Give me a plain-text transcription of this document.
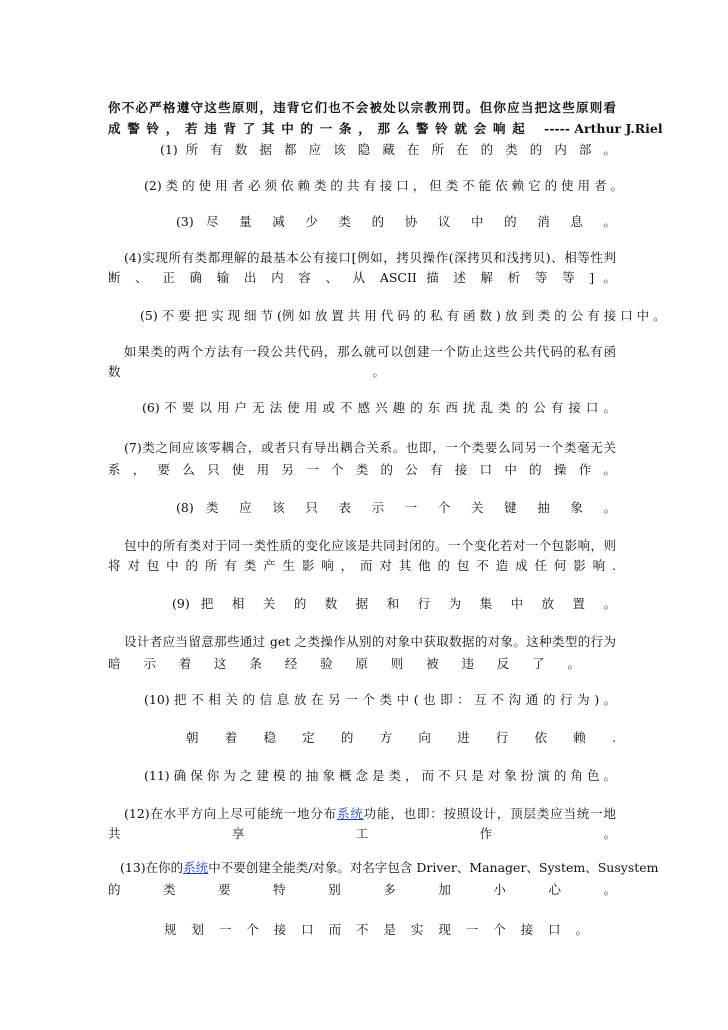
你不必严格遵守这些原则，违背它们也不会被处以宗教刑罚。但你应当把这些原则看
成 警 铃 ， 若 违 背 了 其 中 的 一 条 ， 那 么 警 铃 就 会 响 起 ----- Arthur J.Riel
(1) 所 有 数 据 都 应 该 隐 藏 在 所 在 的 类 的 内 部 。
(2) 类 的 使 用 者 必 须 依 赖 类 的 共 有 接 口 ， 但 类 不 能 依 赖 它 的 使 用 者 。
(3) 尽 量 减 少 类 的 协 议 中 的 消 息 。
(4)实现所有类都理解的最基本公有接口[例如，拷贝操作(深拷贝和浅拷贝)、相等性判
断 、 正 确 输 出 内 容 、 从 ASCII 描 述 解 析 等 等 ] 。
(5) 不 要 把 实 现 细 节 (例 如 放 置 共 用 代 码 的 私 有 函 数 ) 放 到 类 的 公 有 接 口 中 。
如果类的两个方法有一段公共代码，那么就可以创建一个防止这些公共代码的私有函
数	。
(6) 不 要 以 用 户 无 法 使 用 或 不 感 兴 趣 的 东 西 扰 乱 类 的 公 有 接 口 。
(7)类之间应该零耦合，或者只有导出耦合关系。也即，一个类要么同另一个类毫无关
系 ， 要 么 只 使 用 另 一 个 类 的 公 有 接 口 中 的 操 作 。
(8) 类 应 该 只 表 示 一 个 关 键 抽 象 。
包中的所有类对于同一类性质的变化应该是共同封闭的。一个变化若对一个包影响，则
将 对 包 中 的 所 有 类 产 生 影 响 ， 而 对 其 他 的 包 不 造 成 任 何 影 响 .
(9) 把 相 关 的 数 据 和 行 为 集 中 放 置 。
设计者应当留意那些通过 get 之类操作从别的对象中获取数据的对象。这种类型的行为
暗 示 着 这 条 经 验 原 则 被 违 反 了 。
(10) 把 不 相 关 的 信 息 放 在 另 一 个 类 中 ( 也 即 ： 互 不 沟 通 的 行 为 ) 。
朝 着 稳 定 的 方 向 进 行 依 赖 .
(11) 确 保 你 为 之 建 模 的 抽 象 概 念 是 类 ， 而 不 只 是 对 象 扮 演 的 角 色 。
(12)在水平方向上尽可能统一地分布系统功能，也即：按照设计，顶层类应当统一地
共 享 工 作 。
(13)在你的系统中不要创建全能类/对象。对名字包含 Driver、Manager、System、Susystem
的 类 要 特 别 多 加 小 心 。
规 划 一 个 接 口 而 不 是 实 现 一 个 接 口 。
